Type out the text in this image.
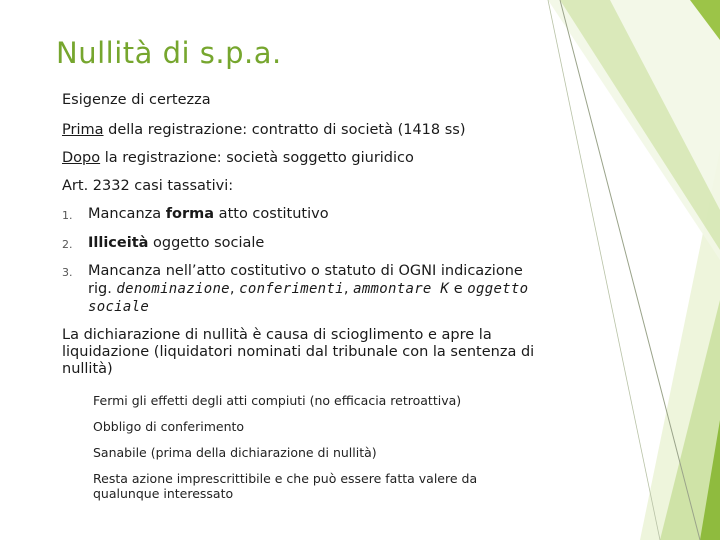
Nullità di s.p.a.
Esigenze di certezza
Prima della registrazione: contratto di società (1418 ss)
Dopo la registrazione: società soggetto giuridico
Art. 2332 casi tassativi:
1. Mancanza forma atto costitutivo
2. Illiceità oggetto sociale
3. Mancanza nell’atto costitutivo o statuto di OGNI indicazione
rig. denominazione, conferimenti, ammontare K e oggetto
sociale
La dichiarazione di nullità è causa di scioglimento e apre la liquidazione (liquidatori nominati dal tribunale con la sentenza di nullità)
Fermi gli effetti degli atti compiuti (no efficacia retroattiva)
Obbligo di conferimento
Sanabile (prima della dichiarazione di nullità)
Resta azione imprescrittibile e che può essere fatta valere da qualunque interessato
